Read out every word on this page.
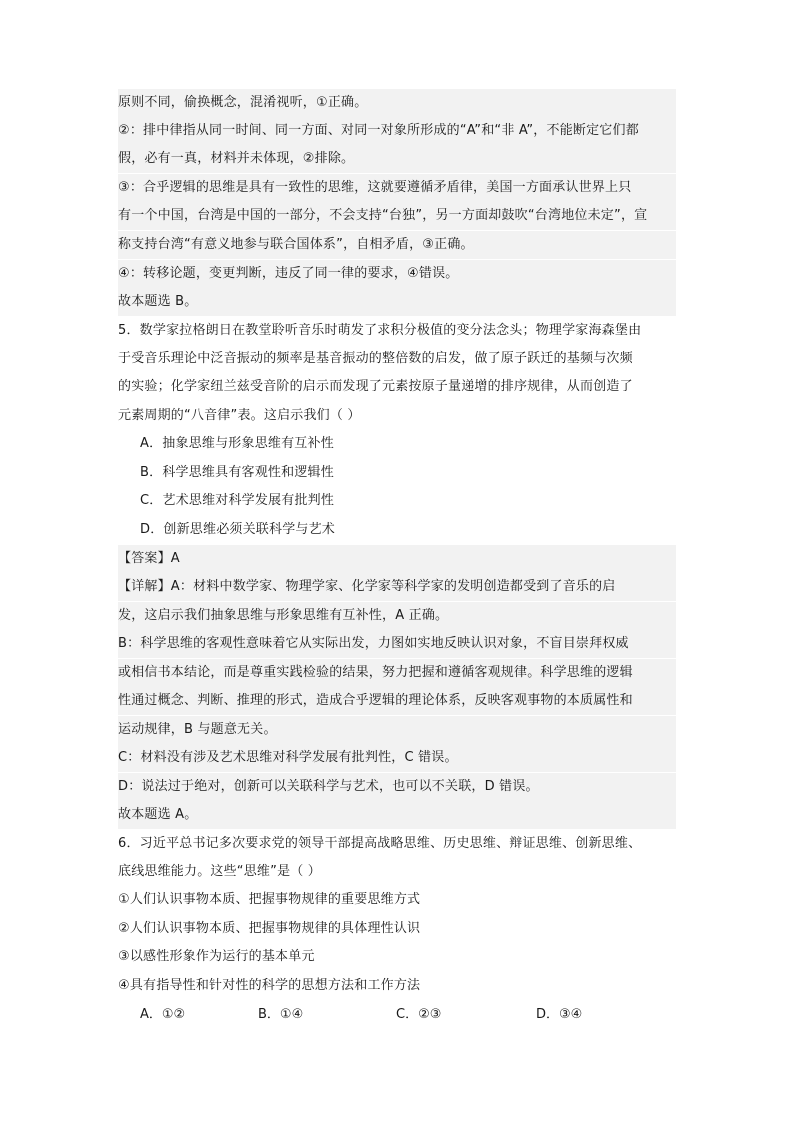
原则不同，偷换概念，混淆视听，①正确。
②：排中律指从同一时间、同一方面、对同一对象所形成的“A”和“非 A”，不能断定它们都
假，必有一真，材料并未体现，②排除。
③：合乎逻辑的思维是具有一致性的思维，这就要遵循矛盾律，美国一方面承认世界上只
有一个中国，台湾是中国的一部分，不会支持“台独”，另一方面却鼓吹“台湾地位未定”，宣
称支持台湾“有意义地参与联合国体系”，自相矛盾，③正确。
④：转移论题，变更判断，违反了同一律的要求，④错误。
故本题选 B。
5．数学家拉格朗日在教堂聆听音乐时萌发了求积分极值的变分法念头；物理学家海森堡由
于受音乐理论中泛音振动的频率是基音振动的整倍数的启发，做了原子跃迁的基频与次频
的实验；化学家纽兰兹受音阶的启示而发现了元素按原子量递增的排序规律，从而创造了
元素周期的“八音律”表。这启示我们（ ）
A．抽象思维与形象思维有互补性
B．科学思维具有客观性和逻辑性
C．艺术思维对科学发展有批判性
D．创新思维必须关联科学与艺术
【答案】A
【详解】A：材料中数学家、物理学家、化学家等科学家的发明创造都受到了音乐的启
发，这启示我们抽象思维与形象思维有互补性，A 正确。
B：科学思维的客观性意味着它从实际出发，力图如实地反映认识对象，不盲目崇拜权威
或相信书本结论，而是尊重实践检验的结果，努力把握和遵循客观规律。科学思维的逻辑
性通过概念、判断、推理的形式，造成合乎逻辑的理论体系，反映客观事物的本质属性和
运动规律，B 与题意无关。
C：材料没有涉及艺术思维对科学发展有批判性，C 错误。
D：说法过于绝对，创新可以关联科学与艺术，也可以不关联，D 错误。
故本题选 A。
6．习近平总书记多次要求党的领导干部提高战略思维、历史思维、辩证思维、创新思维、
底线思维能力。这些“思维”是（ ）
①人们认识事物本质、把握事物规律的重要思维方式
②人们认识事物本质、把握事物规律的具体理性认识
③以感性形象作为运行的基本单元
④具有指导性和针对性的科学的思想方法和工作方法
A．①②	B．①④	C．②③	D．③④
